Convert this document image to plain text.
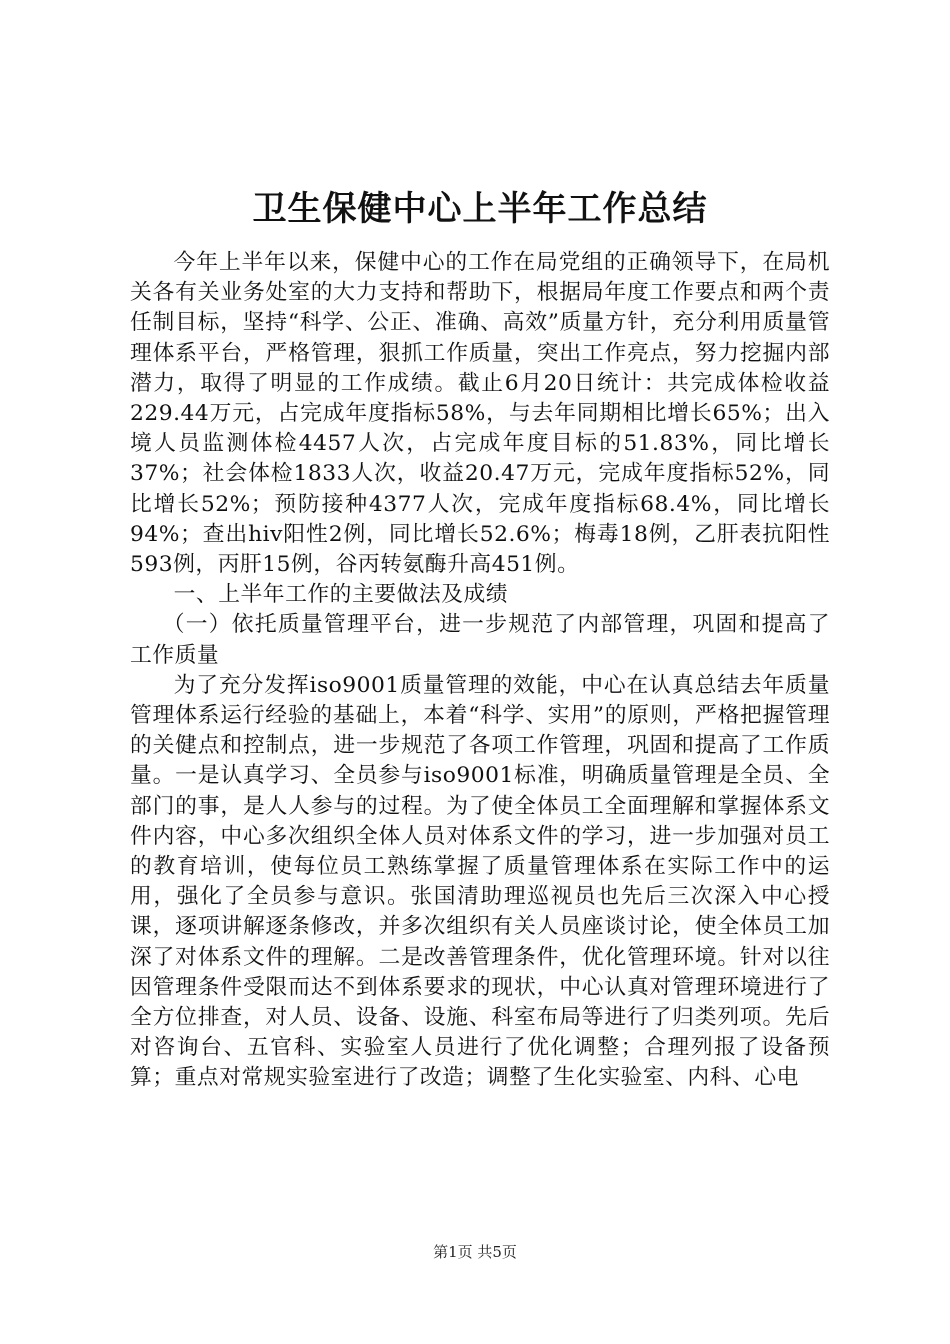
卫生保健中心上半年工作总结

今年上半年以来，保健中心的工作在局党组的正确领导下，在局机关各有关业务处室的大力支持和帮助下，根据局年度工作要点和两个责任制目标，坚持“科学、公正、准确、高效”质量方针，充分利用质量管理体系平台，严格管理，狠抓工作质量，突出工作亮点，努力挖掘内部潜力，取得了明显的工作成绩。截止6月20日统计：共完成体检收益229.44万元，占完成年度指标58%，与去年同期相比增长65%；出入境人员监测体检4457人次，占完成年度目标的51.83%，同比增长37%；社会体检1833人次，收益20.47万元，完成年度指标52%，同比增长52%；预防接种4377人次，完成年度指标68.4%，同比增长94%；查出hiv阳性2例，同比增长52.6%；梅毒18例，乙肝表抗阳性593例，丙肝15例，谷丙转氨酶升高451例。

一、上半年工作的主要做法及成绩

（一）依托质量管理平台，进一步规范了内部管理，巩固和提高了工作质量

为了充分发挥iso9001质量管理的效能，中心在认真总结去年质量管理体系运行经验的基础上，本着“科学、实用”的原则，严格把握管理的关健点和控制点，进一步规范了各项工作管理，巩固和提高了工作质量。一是认真学习、全员参与iso9001标准，明确质量管理是全员、全部门的事，是人人参与的过程。为了使全体员工全面理解和掌握体系文件内容，中心多次组织全体人员对体系文件的学习，进一步加强对员工的教育培训，使每位员工熟练掌握了质量管理体系在实际工作中的运用，强化了全员参与意识。张国清助理巡视员也先后三次深入中心授课，逐项讲解逐条修改，并多次组织有关人员座谈讨论，使全体员工加深了对体系文件的理解。二是改善管理条件，优化管理环境。针对以往因管理条件受限而达不到体系要求的现状，中心认真对管理环境进行了全方位排查，对人员、设备、设施、科室布局等进行了归类列项。先后对咨询台、五官科、实验室人员进行了优化调整；合理列报了设备预算；重点对常规实验室进行了改造；调整了生化实验室、内科、心电

第1页 共5页
